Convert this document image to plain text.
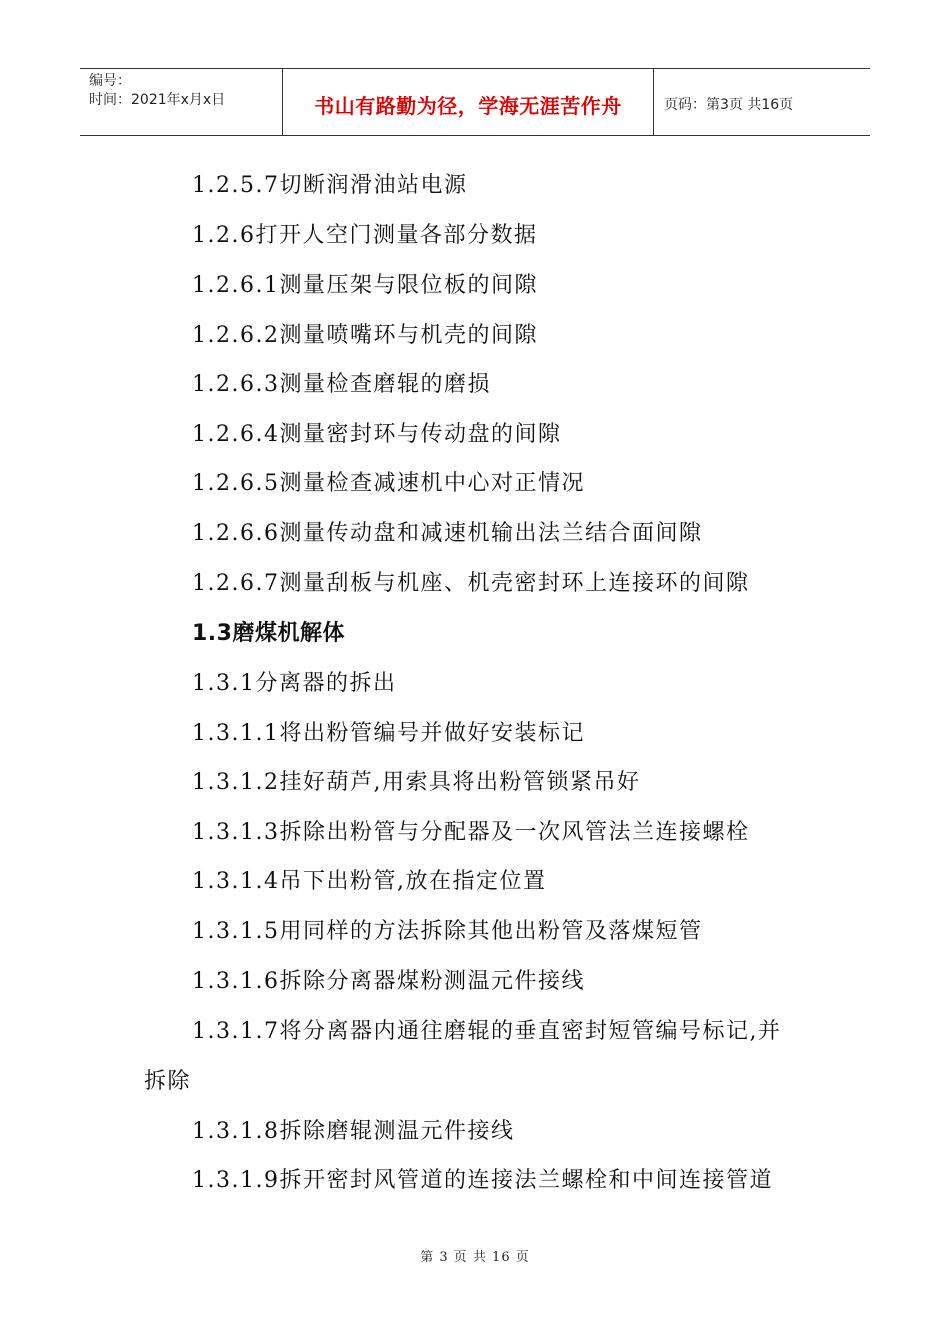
编号：
时间：2021年x月x日	书山有路勤为径，学海无涯苦作舟	页码：第3页 共16页
1.2.5.7切断润滑油站电源
1.2.6打开人空门测量各部分数据
1.2.6.1测量压架与限位板的间隙
1.2.6.2测量喷嘴环与机壳的间隙
1.2.6.3测量检查磨辊的磨损
1.2.6.4测量密封环与传动盘的间隙
1.2.6.5测量检查减速机中心对正情况
1.2.6.6测量传动盘和减速机输出法兰结合面间隙
1.2.6.7测量刮板与机座、机壳密封环上连接环的间隙
1.3磨煤机解体
1.3.1分离器的拆出
1.3.1.1将出粉管编号并做好安装标记
1.3.1.2挂好葫芦,用索具将出粉管锁紧吊好
1.3.1.3拆除出粉管与分配器及一次风管法兰连接螺栓
1.3.1.4吊下出粉管,放在指定位置
1.3.1.5用同样的方法拆除其他出粉管及落煤短管
1.3.1.6拆除分离器煤粉测温元件接线
1.3.1.7将分离器内通往磨辊的垂直密封短管编号标记,并
拆除
1.3.1.8拆除磨辊测温元件接线
1.3.1.9拆开密封风管道的连接法兰螺栓和中间连接管道
第 3 页 共 16 页
